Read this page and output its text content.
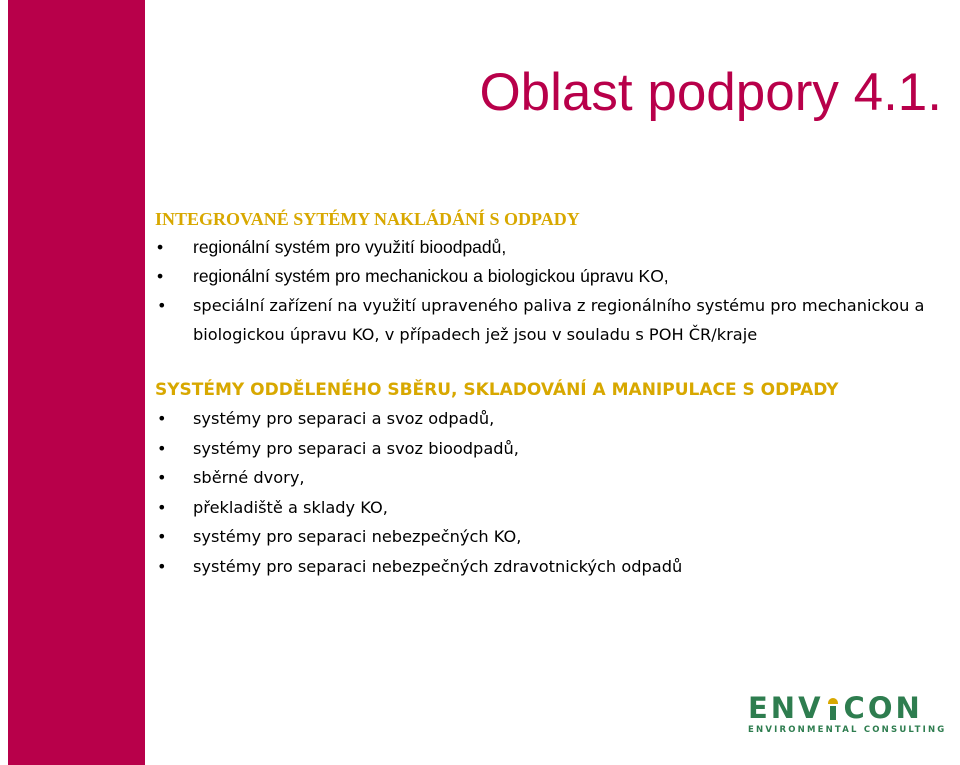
Oblast podpory 4.1.
INTEGROVANÉ SYTÉMY NAKLÁDÁNÍ S ODPADY
• regionální systém pro využití bioodpadů,
• regionální systém pro mechanickou a biologickou úpravu KO,
• speciální zařízení na využití upraveného paliva z regionálního systému pro mechanickou a biologickou úpravu KO, v případech jež jsou v souladu s POH ČR/kraje
SYSTÉMY ODDĚLENÉHO SBĚRU, SKLADOVÁNÍ A MANIPULACE S ODPADY
• systémy pro separaci a svoz odpadů,
• systémy pro separaci a svoz bioodpadů,
• sběrné dvory,
• překladiště a sklady KO,
• systémy pro separaci nebezpečných KO,
• systémy pro separaci nebezpečných zdravotnických odpadů
ENV CON
ENVIRONMENTAL CONSULTING
